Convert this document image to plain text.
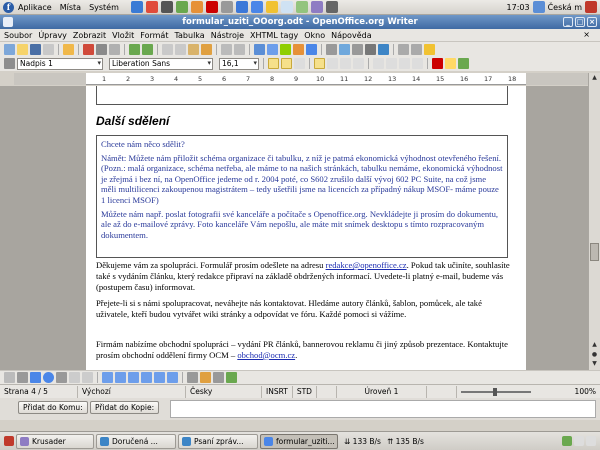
f Aplikace Místa Systém	17:03 Česká m
formular_uziti_OOorg.odt - OpenOffice.org Writer	_ □ ×
Soubor Úpravy Zobrazit Vložit Formát Tabulka Nástroje XHTML tagy Okno Nápověda	×
Nadpis 1 ▾	Liberation Sans ▾	16,1 ▾
1	2	3	4	5	6	7	8	9	10 11 12 13 14 15 16 17 18
Další sdělení

Chcete nám něco sdělit?

Námět: Můžete nám přiložit schéma organizace či tabulku, z níž je patmá ekonomická výhodnost otevřeného řešení. (Pozn.: malá organizace, schéma netřeba, ale máme to na našich stránkách, tabulku nemáme, ekonomická výhodnost je zřejmá i bez ní, na OpenOffice jedeme od r. 2004 poté, co S602 zrušilo další vývoj 602 PC Suite, na což jsme měli multilicenci zakoupenou magistrátem – tedy ušetřili jsme na licencích za případný nákup MSOF- máme pouze 1 licenci MSOF)

Můžete nám např. poslat fotografii své kanceláře a počítače s Openoffice.org. Nevkládejte ji prosím do dokumentu, ale až do e-mailové zprávy. Foto kanceláře Vám nepošlu, ale máte mit snímek desktopu s tímto rozpracovaným dokumentem.

Děkujeme vám za spolupráci. Formulář prosím odešlete na adresu redakce@openoffice.cz. Pokud tak učiníte, souhlasíte také s vydáním článku, který redakce připraví na základě obdržených informací. Uvedete-li platný e-mail, budeme vás (postupem času) informovat.
Přejete-li si s námi spolupracovat, neváhejte nás kontaktovat. Hledáme autory článků, šablon, pomůcek, ale také uživatele, kteří budou vytvářet wiki stránky a odpovídat ve fóru. Každé pomoci si vážíme.
Firmám nabízíme obchodní spolupráci – vydání PR článků, bannerovou reklamu či jiný způsob prezentace. Kontaktujte prosím obchodní oddělení firmy OCM – obchod@ocm.cz.
▲
▲
●
▼
Strana 4 / 5	Výchozí	Česky	INSRT	STD	Úroveň 1	100%
Přidat do Komu:	Přidat do Kopie:
Krusader	Doručená ...	Psaní zpráv...	formular_uziti... ⇊ 133 B/s ⇈ 135 B/s
